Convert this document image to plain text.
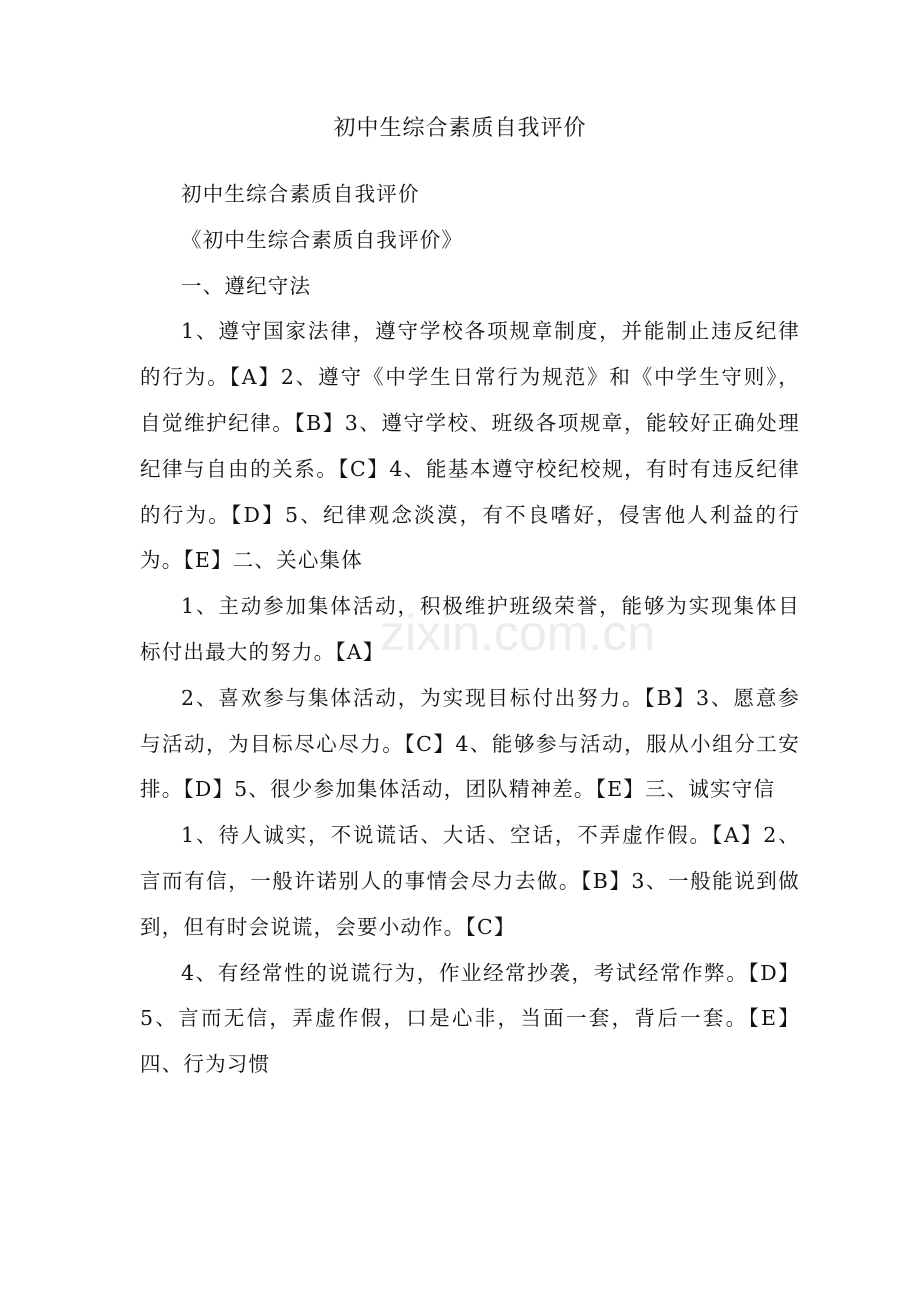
初中生综合素质自我评价

初中生综合素质自我评价

《初中生综合素质自我评价》

一、遵纪守法

1、遵守国家法律，遵守学校各项规章制度，并能制止违反纪律的行为。【A】2、遵守《中学生日常行为规范》和《中学生守则》，自觉维护纪律。【B】3、遵守学校、班级各项规章，能较好正确处理纪律与自由的关系。【C】4、能基本遵守校纪校规，有时有违反纪律的行为。【D】5、纪律观念淡漠，有不良嗜好，侵害他人利益的行为。【E】二、关心集体

1、主动参加集体活动，积极维护班级荣誉，能够为实现集体目标付出最大的努力。【A】

2、喜欢参与集体活动，为实现目标付出努力。【B】3、愿意参与活动，为目标尽心尽力。【C】4、能够参与活动，服从小组分工安排。【D】5、很少参加集体活动，团队精神差。【E】三、诚实守信

1、待人诚实，不说谎话、大话、空话，不弄虚作假。【A】2、言而有信，一般许诺别人的事情会尽力去做。【B】3、一般能说到做到，但有时会说谎，会要小动作。【C】

4、有经常性的说谎行为，作业经常抄袭，考试经常作弊。【D】5、言而无信，弄虚作假，口是心非，当面一套，背后一套。【E】四、行为习惯

zixin.com.cn
